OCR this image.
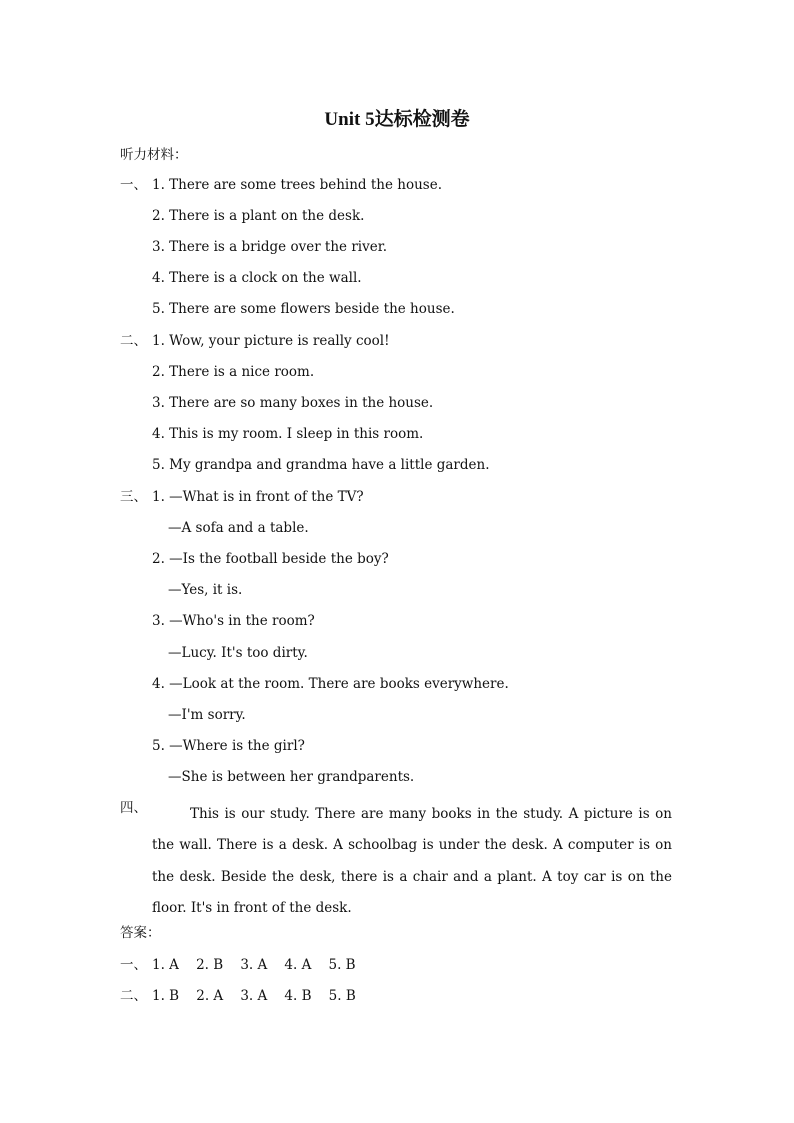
Unit 5达标检测卷
听力材料：
一、 1. There are some trees behind the house.
2. There is a plant on the desk.
3. There is a bridge over the river.
4. There is a clock on the wall.
5. There are some flowers beside the house.
二、 1. Wow, your picture is really cool!
2. There is a nice room.
3. There are so many boxes in the house.
4. This is my room. I sleep in this room.
5. My grandpa and grandma have a little garden.
三、 1. —What is in front of the TV?
—A sofa and a table.
2. —Is the football beside the boy?
—Yes, it is.
3. —Who's in the room?
—Lucy. It's too dirty.
4. —Look at the room. There are books everywhere.
—I'm sorry.
5. —Where is the girl?
—She is between her grandparents.
四、	This is our study. There are many books in the study. A picture is on the wall. There is a desk. A schoolbag is under the desk. A computer is on the desk. Beside the desk, there is a chair and a plant. A toy car is on the floor. It's in front of the desk.
答案：
一、 1. A    2. B    3. A    4. A    5. B
二、 1. B    2. A    3. A    4. B    5. B
